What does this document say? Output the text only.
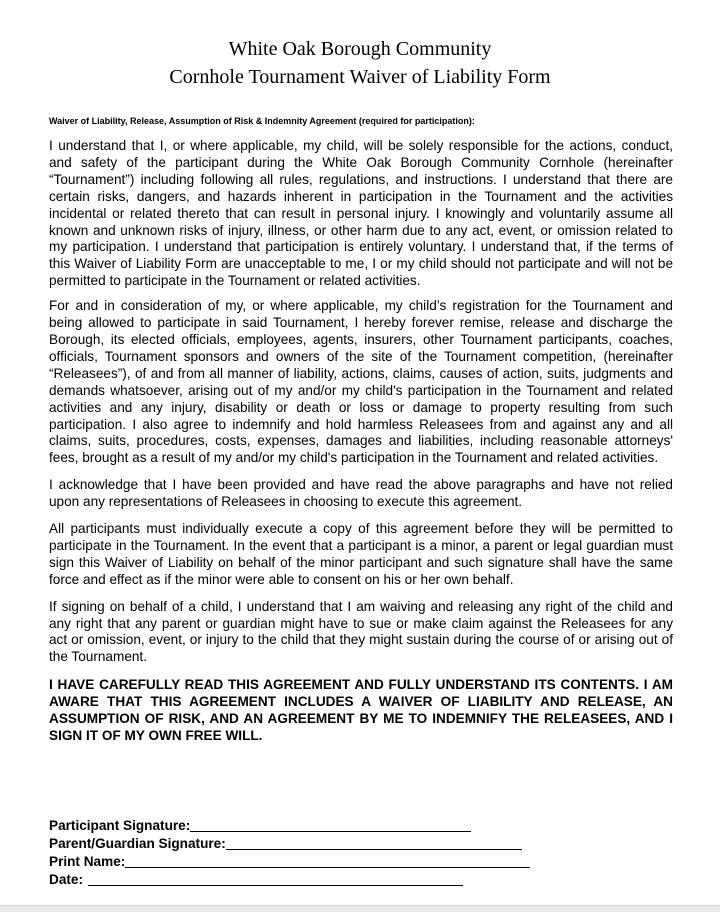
White Oak Borough Community
Cornhole Tournament Waiver of Liability Form

Waiver of Liability, Release, Assumption of Risk & Indemnity Agreement (required for participation):

I understand that I, or where applicable, my child, will be solely responsible for the actions, conduct, and safety of the participant during the White Oak Borough Community Cornhole (hereinafter “Tournament”) including following all rules, regulations, and instructions. I understand that there are certain risks, dangers, and hazards inherent in participation in the Tournament and the activities incidental or related thereto that can result in personal injury. I knowingly and voluntarily assume all known and unknown risks of injury, illness, or other harm due to any act, event, or omission related to my participation. I understand that participation is entirely voluntary. I understand that, if the terms of this Waiver of Liability Form are unacceptable to me, I or my child should not participate and will not be permitted to participate in the Tournament or related activities.

For and in consideration of my, or where applicable, my child’s registration for the Tournament and being allowed to participate in said Tournament, I hereby forever remise, release and discharge the Borough, its elected officials, employees, agents, insurers, other Tournament participants, coaches, officials, Tournament sponsors and owners of the site of the Tournament competition, (hereinafter “Releasees”), of and from all manner of liability, actions, claims, causes of action, suits, judgments and demands whatsoever, arising out of my and/or my child's participation in the Tournament and related activities and any injury, disability or death or loss or damage to property resulting from such participation. I also agree to indemnify and hold harmless Releasees from and against any and all claims, suits, procedures, costs, expenses, damages and liabilities, including reasonable attorneys' fees, brought as a result of my and/or my child's participation in the Tournament and related activities.

I acknowledge that I have been provided and have read the above paragraphs and have not relied upon any representations of Releasees in choosing to execute this agreement.

All participants must individually execute a copy of this agreement before they will be permitted to participate in the Tournament. In the event that a participant is a minor, a parent or legal guardian must sign this Waiver of Liability on behalf of the minor participant and such signature shall have the same force and effect as if the minor were able to consent on his or her own behalf.

If signing on behalf of a child, I understand that I am waiving and releasing any right of the child and any right that any parent or guardian might have to sue or make claim against the Releasees for any act or omission, event, or injury to the child that they might sustain during the course of or arising out of the Tournament.

I HAVE CAREFULLY READ THIS AGREEMENT AND FULLY UNDERSTAND ITS CONTENTS. I AM AWARE THAT THIS AGREEMENT INCLUDES A WAIVER OF LIABILITY AND RELEASE, AN ASSUMPTION OF RISK, AND AN AGREEMENT BY ME TO INDEMNIFY THE RELEASEES, AND I SIGN IT OF MY OWN FREE WILL.

Participant Signature:
Parent/Guardian Signature:
Print Name:
Date:
